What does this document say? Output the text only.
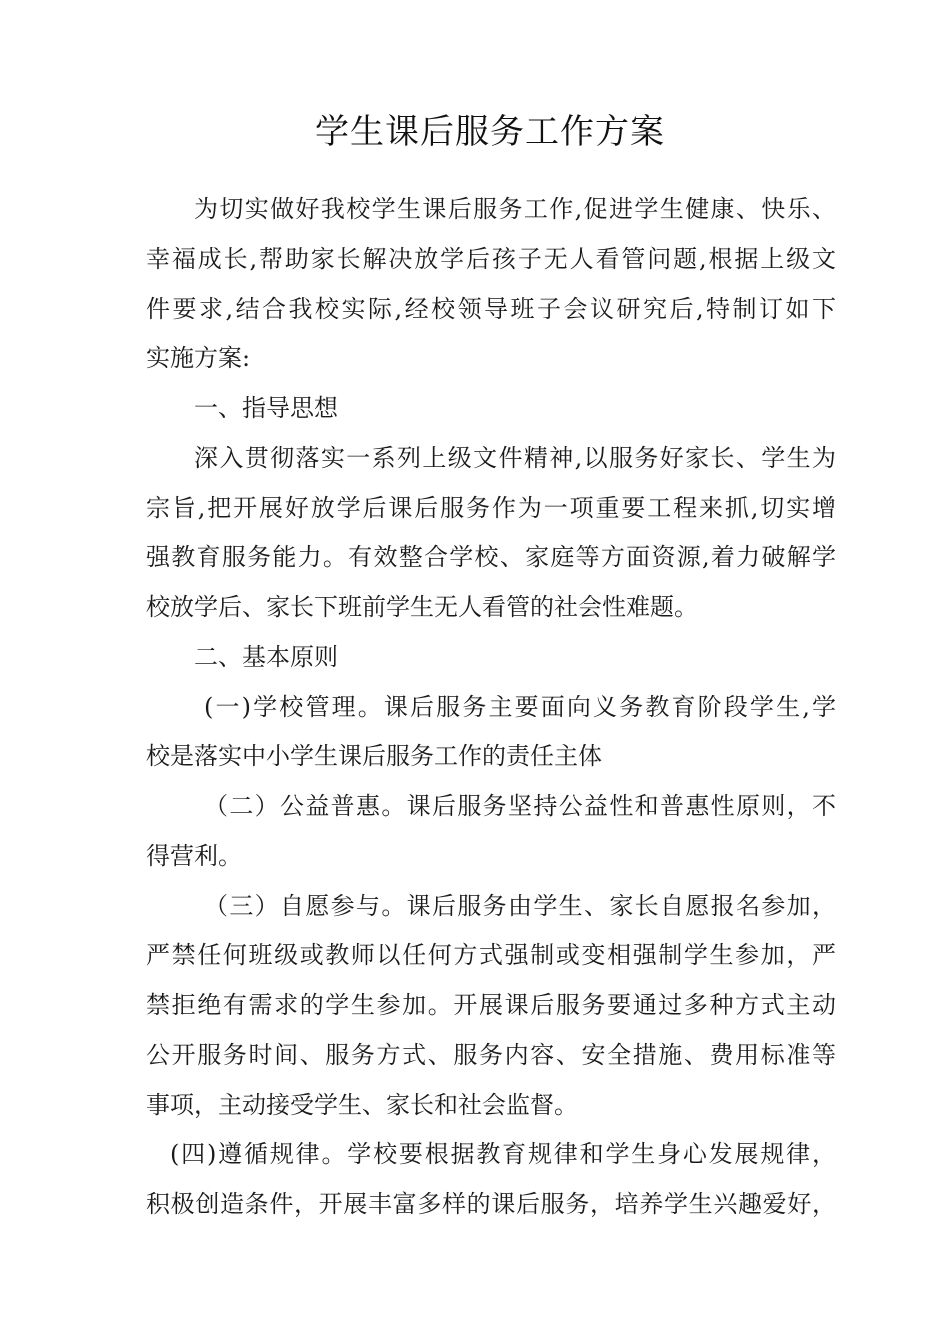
学生课后服务工作方案
为切实做好我校学生课后服务工作,促进学生健康、快乐、
幸福成长,帮助家长解决放学后孩子无人看管问题,根据上级文
件要求,结合我校实际,经校领导班子会议研究后,特制订如下
实施方案:
一、指导思想
深入贯彻落实一系列上级文件精神,以服务好家长、学生为
宗旨,把开展好放学后课后服务作为一项重要工程来抓,切实增
强教育服务能力。有效整合学校、家庭等方面资源,着力破解学
校放学后、家长下班前学生无人看管的社会性难题。
二、基本原则
(一)学校管理。课后服务主要面向义务教育阶段学生,学
校是落实中小学生课后服务工作的责任主体
（二）公益普惠。课后服务坚持公益性和普惠性原则，不
得营利。
（三）自愿参与。课后服务由学生、家长自愿报名参加，
严禁任何班级或教师以任何方式强制或变相强制学生参加，严
禁拒绝有需求的学生参加。开展课后服务要通过多种方式主动
公开服务时间、服务方式、服务内容、安全措施、费用标准等
事项，主动接受学生、家长和社会监督。
(四)遵循规律。学校要根据教育规律和学生身心发展规律，
积极创造条件，开展丰富多样的课后服务，培养学生兴趣爱好，
